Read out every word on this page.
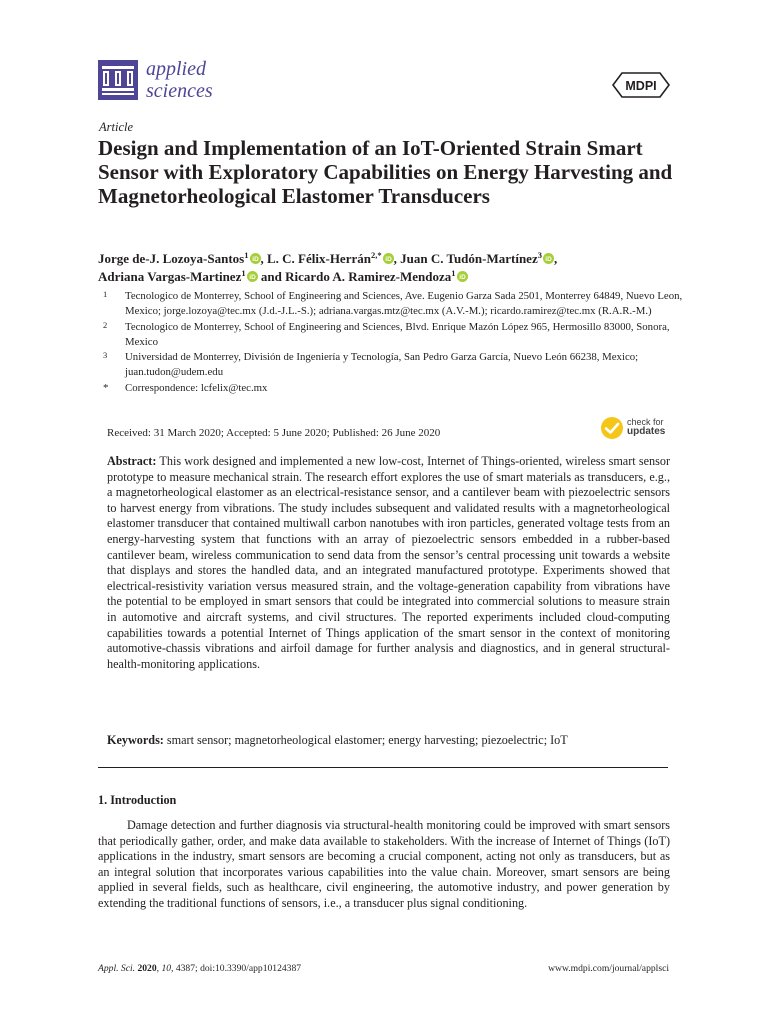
applied
sciences	MDPI
Article
Design and Implementation of an IoT-Oriented Strain Smart Sensor with Exploratory Capabilities on Energy Harvesting and Magnetorheological Elastomer Transducers
Jorge de-J. Lozoya-Santos$^1$ iD , L. C. Félix-Herrán$^{2,*}$ iD , Juan C. Tudón-Martínez$^3$ iD ,
Adriana Vargas-Martinez$^1$ iD and Ricardo A. Ramirez-Mendoza$^1$ iD
1 Tecnologico de Monterrey, School of Engineering and Sciences, Ave. Eugenio Garza Sada 2501, Monterrey 64849, Nuevo Leon, Mexico; jorge.lozoya@tec.mx (J.d.-J.L.-S.); adriana.vargas.mtz@tec.mx (A.V.-M.); ricardo.ramirez@tec.mx (R.A.R.-M.)
2 Tecnologico de Monterrey, School of Engineering and Sciences, Blvd. Enrique Mazón López 965, Hermosillo 83000, Sonora, Mexico
3 Universidad de Monterrey, División de Ingeniería y Tecnología, San Pedro Garza García, Nuevo León 66238, Mexico; juan.tudon@udem.edu
* Correspondence: lcfelix@tec.mx
Received: 31 March 2020; Accepted: 5 June 2020; Published: 26 June 2020
check for
updates

Abstract: This work designed and implemented a new low-cost, Internet of Things-oriented, wireless smart sensor prototype to measure mechanical strain. The research effort explores the use of smart materials as transducers, e.g., a magnetorheological elastomer as an electrical-resistance sensor, and a cantilever beam with piezoelectric sensors to harvest energy from vibrations. The study includes subsequent and validated results with a magnetorheological elastomer transducer that contained multiwall carbon nanotubes with iron particles, generated voltage tests from an energy-harvesting system that functions with an array of piezoelectric sensors embedded in a rubber-based cantilever beam, wireless communication to send data from the sensor’s central processing unit towards a website that displays and stores the handled data, and an integrated manufactured prototype. Experiments showed that electrical-resistivity variation versus measured strain, and the voltage-generation capability from vibrations have the potential to be employed in smart sensors that could be integrated into commercial solutions to measure strain in automotive and aircraft systems, and civil structures. The reported experiments included cloud-computing capabilities towards a potential Internet of Things application of the smart sensor in the context of monitoring automotive-chassis vibrations and airfoil damage for further analysis and diagnostics, and in general structural-health-monitoring applications.

Keywords: smart sensor; magnetorheological elastomer; energy harvesting; piezoelectric; IoT
1. Introduction

Damage detection and further diagnosis via structural-health monitoring could be improved with smart sensors that periodically gather, order, and make data available to stakeholders. With the increase of Internet of Things (IoT) applications in the industry, smart sensors are becoming a crucial component, acting not only as transducers, but as an integral solution that incorporates various capabilities into the value chain. Moreover, smart sensors are being applied in several fields, such as healthcare, civil engineering, the automotive industry, and power generation by extending the traditional functions of sensors, i.e., a transducer plus signal conditioning.

Appl. Sci. 2020, 10, 4387; doi:10.3390/app10124387	www.mdpi.com/journal/applsci
